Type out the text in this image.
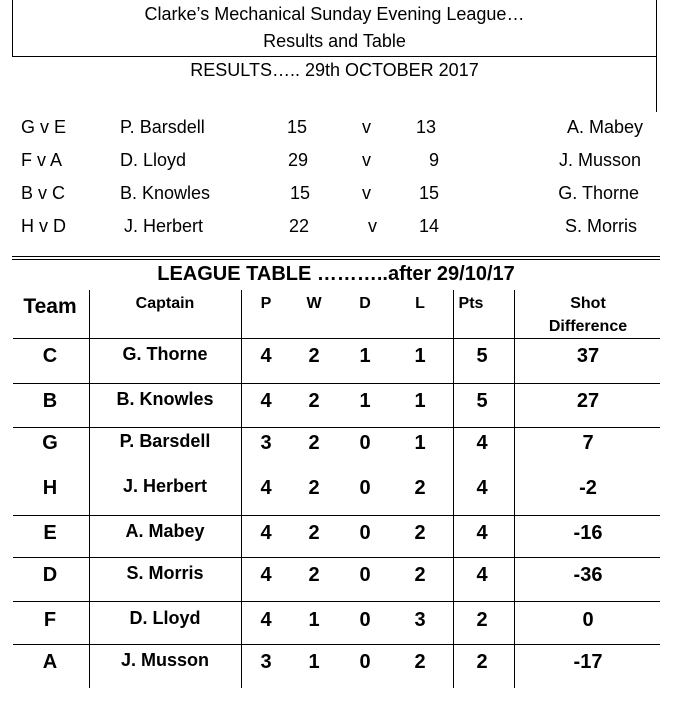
Clarke’s Mechanical Sunday Evening League…
Results and Table
RESULTS….. 29th OCTOBER 2017
G v E	P. Barsdell	15	v	13	A. Mabey
F v A	D. Lloyd	29	v	9	J. Musson
B v C	B. Knowles	15	v	15	G. Thorne
H v D	J. Herbert	22	v 14	S. Morris
LEAGUE TABLE ………..after 29/10/17
Team	Captain	P	W	D	L	Pts	Shot
Difference
C	G. Thorne	4	2	1	1	5	37
B	B. Knowles	4	2	1	1	5	27
G	P. Barsdell	3	2	0	1	4	7
H	J. Herbert	4	2	0	2	4	-2
E	A. Mabey	4	2	0	2	4	-16
D	S. Morris	4	2	0	2	4	-36
F	D. Lloyd	4	1	0	3	2	0
A	J. Musson	3	1	0	2	2	-17
